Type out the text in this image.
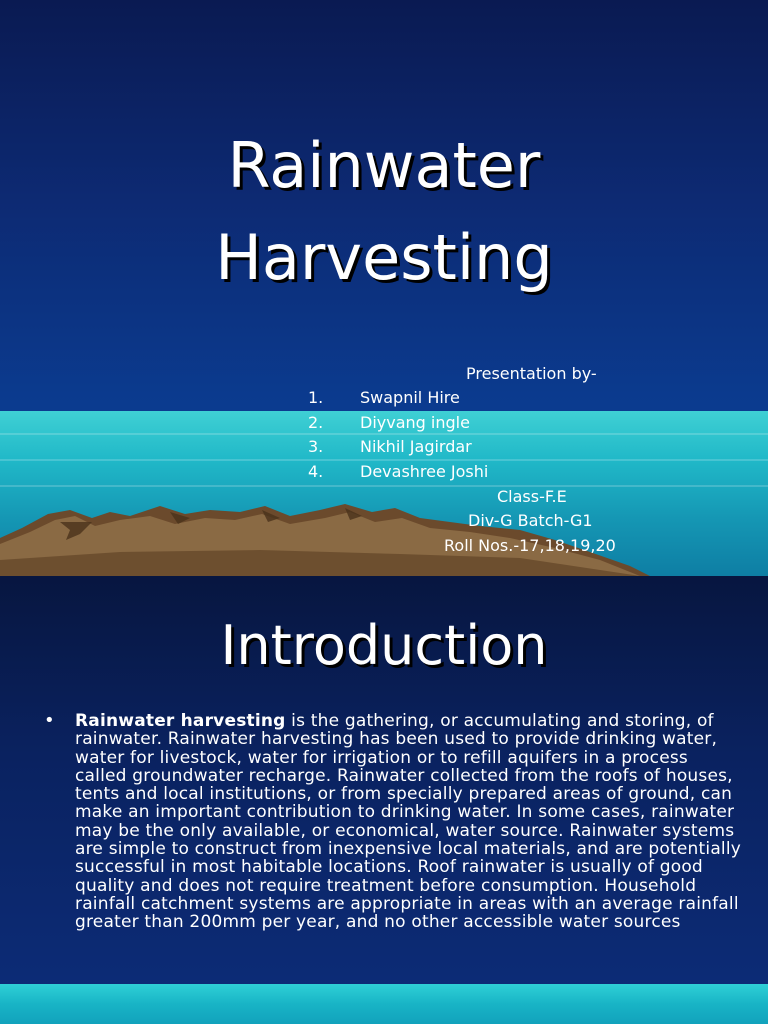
Rainwater
Harvesting
Presentation by-
1. Swapnil Hire
2. Diyvang ingle
3. Nikhil Jagirdar
4. Devashree Joshi
Class-F.E
Div-G Batch-G1
Roll Nos.-17,18,19,20
Introduction
• Rainwater harvesting is the gathering, or accumulating and storing, of rainwater. Rainwater harvesting has been used to provide drinking water, water for livestock, water for irrigation or to refill aquifers in a process called groundwater recharge. Rainwater collected from the roofs of houses, tents and local institutions, or from specially prepared areas of ground, can make an important contribution to drinking water. In some cases, rainwater may be the only available, or economical, water source. Rainwater systems are simple to construct from inexpensive local materials, and are potentially successful in most habitable locations. Roof rainwater is usually of good quality and does not require treatment before consumption. Household rainfall catchment systems are appropriate in areas with an average rainfall greater than 200mm per year, and no other accessible water sources
